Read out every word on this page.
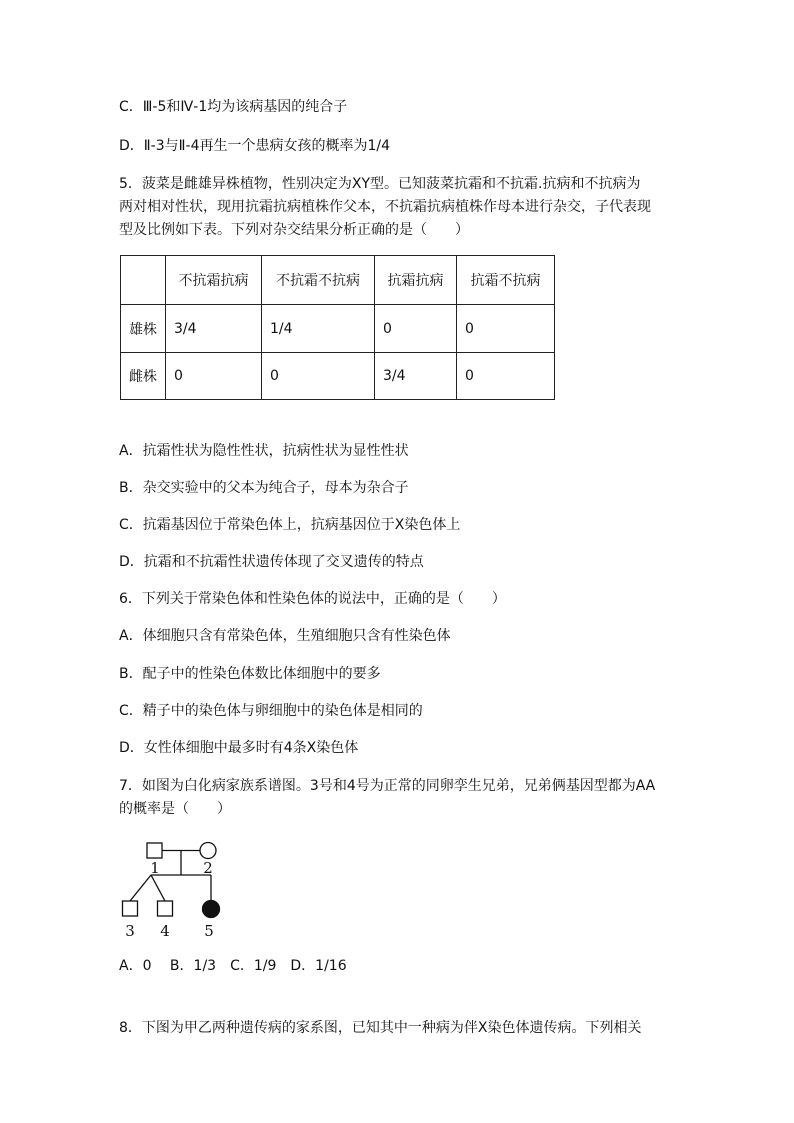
C．Ⅲ-5和Ⅳ-1均为该病基因的纯合子
D．Ⅱ-3与Ⅱ-4再生一个患病女孩的概率为1/4
5．菠菜是雌雄异株植物，性别决定为XY型。已知菠菜抗霜和不抗霜.抗病和不抗病为
两对相对性状，现用抗霜抗病植株作父本，不抗霜抗病植株作母本进行杂交，子代表现
型及比例如下表。下列对杂交结果分析正确的是（　　）
	不抗霜抗病	不抗霜不抗病	抗霜抗病	抗霜不抗病
雄株	3/4	1/4	0	0
雌株	0	0	3/4	0
A．抗霜性状为隐性性状，抗病性状为显性性状
B．杂交实验中的父本为纯合子，母本为杂合子
C．抗霜基因位于常染色体上，抗病基因位于X染色体上
D．抗霜和不抗霜性状遗传体现了交叉遗传的特点
6．下列关于常染色体和性染色体的说法中，正确的是（　　）
A．体细胞只含有常染色体，生殖细胞只含有性染色体
B．配子中的性染色体数比体细胞中的要多
C．精子中的染色体与卵细胞中的染色体是相同的
D．女性体细胞中最多时有4条X染色体
7．如图为白化病家族系谱图。3号和4号为正常的同卵孪生兄弟，兄弟俩基因型都为AA
的概率是（　　）
1	2
3 4 5
A．0　 B．1/3　C．1/9　D．1/16
8．下图为甲乙两种遗传病的家系图，已知其中一种病为伴X染色体遗传病。下列相关
